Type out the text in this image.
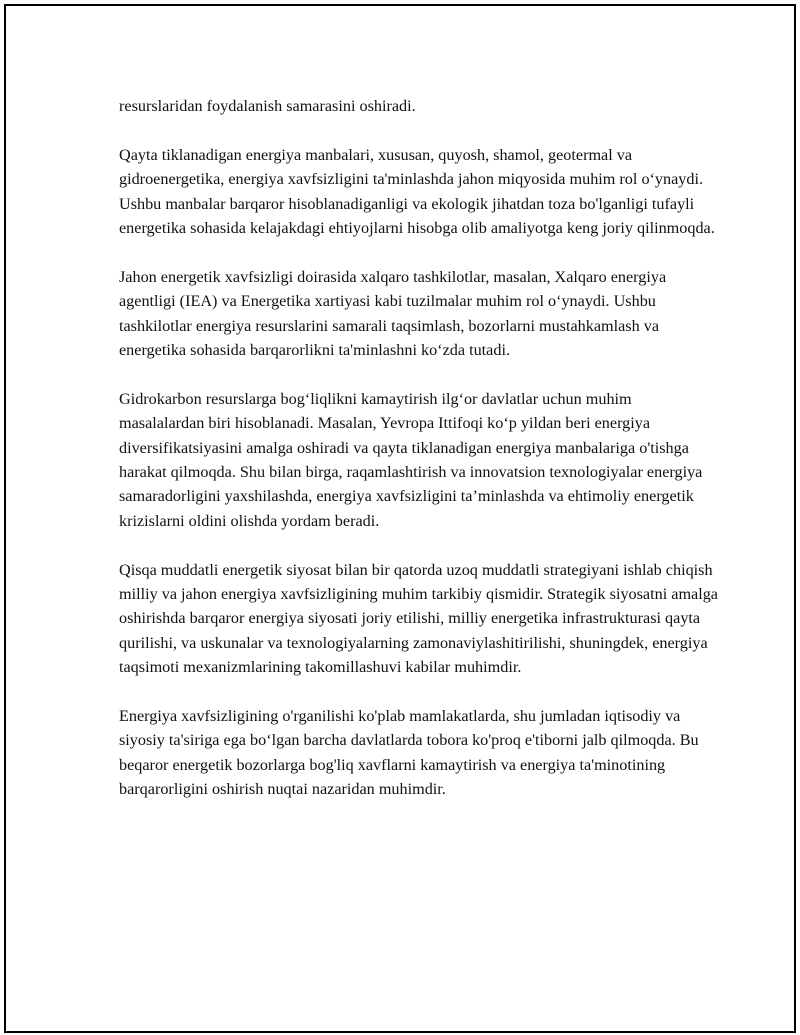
resurslaridan foydalanish samarasini oshiradi.

Qayta tiklanadigan energiya manbalari, xususan, quyosh, shamol, geotermal va gidroenergetika, energiya xavfsizligini ta'minlashda jahon miqyosida muhim rol o‘ynaydi. Ushbu manbalar barqaror hisoblanadiganligi va ekologik jihatdan toza bo'lganligi tufayli energetika sohasida kelajakdagi ehtiyojlarni hisobga olib amaliyotga keng joriy qilinmoqda.

Jahon energetik xavfsizligi doirasida xalqaro tashkilotlar, masalan, Xalqaro energiya agentligi (IEA) va Energetika xartiyasi kabi tuzilmalar muhim rol o‘ynaydi. Ushbu tashkilotlar energiya resurslarini samarali taqsimlash, bozorlarni mustahkamlash va energetika sohasida barqarorlikni ta'minlashni ko‘zda tutadi.

Gidrokarbon resurslarga bog‘liqlikni kamaytirish ilg‘or davlatlar uchun muhim masalalardan biri hisoblanadi. Masalan, Yevropa Ittifoqi ko‘p yildan beri energiya diversifikatsiyasini amalga oshiradi va qayta tiklanadigan energiya manbalariga o'tishga harakat qilmoqda. Shu bilan birga, raqamlashtirish va innovatsion texnologiyalar energiya samaradorligini yaxshilashda, energiya xavfsizligini ta’minlashda va ehtimoliy energetik krizislarni oldini olishda yordam beradi.

Qisqa muddatli energetik siyosat bilan bir qatorda uzoq muddatli strategiyani ishlab chiqish milliy va jahon energiya xavfsizligining muhim tarkibiy qismidir. Strategik siyosatni amalga oshirishda barqaror energiya siyosati joriy etilishi, milliy energetika infrastrukturasi qayta qurilishi, va uskunalar va texnologiyalarning zamonaviylashitirilishi, shuningdek, energiya taqsimoti mexanizmlarining takomillashuvi kabilar muhimdir.

Energiya xavfsizligining o'rganilishi ko'plab mamlakatlarda, shu jumladan iqtisodiy va siyosiy ta'siriga ega bo‘lgan barcha davlatlarda tobora ko'proq e'tiborni jalb qilmoqda. Bu beqaror energetik bozorlarga bog'liq xavflarni kamaytirish va energiya ta'minotining barqarorligini oshirish nuqtai nazaridan muhimdir.
